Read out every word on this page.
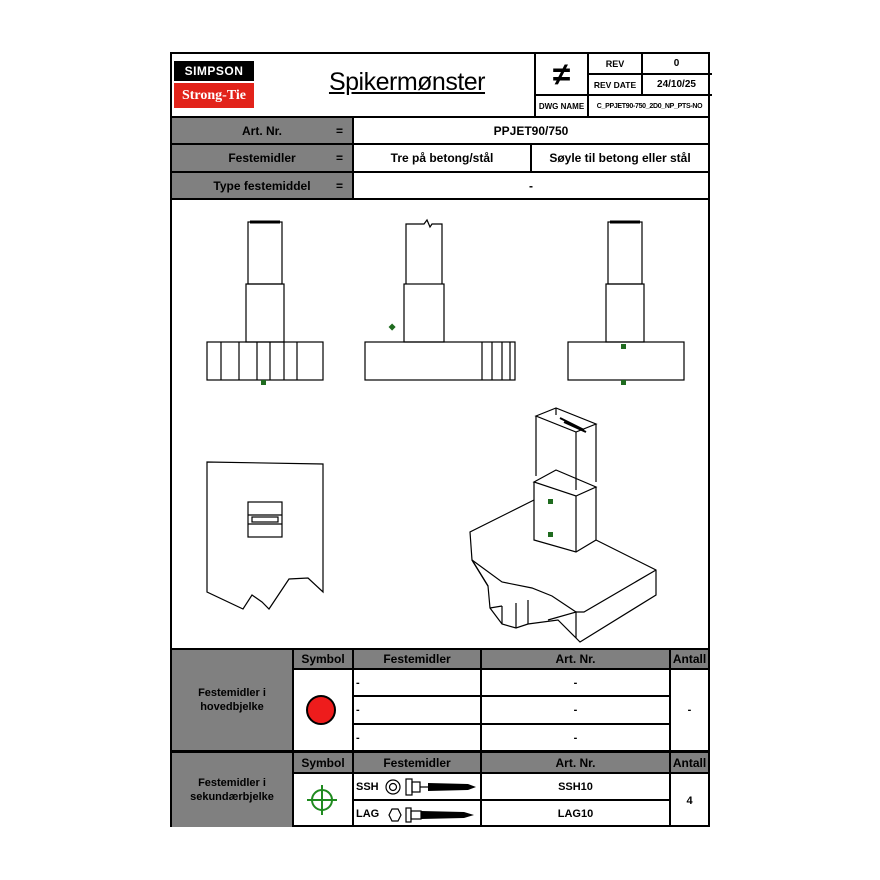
SIMPSON
Strong-Tie	Spikermønster	≠
DWG NAME
REV	0
REV DATE	24/10/25
C_PPJET90-750_2D0_NP_PTS-NO
Art. Nr.	=	PPJET90/750
Festemidler	=	Tre på betong/stål	Søyle til betong eller stål
Type festemiddel	=	-
Festemidler i hovedbjelke
Symbol	Festemidler	Art. Nr.	Antall
-	-
-	-
-	-
-
Festemidler i sekundærbjelke
Symbol	Festemidler	Art. Nr.	Antall
SSH	SSH10
LAG	LAG10
4
